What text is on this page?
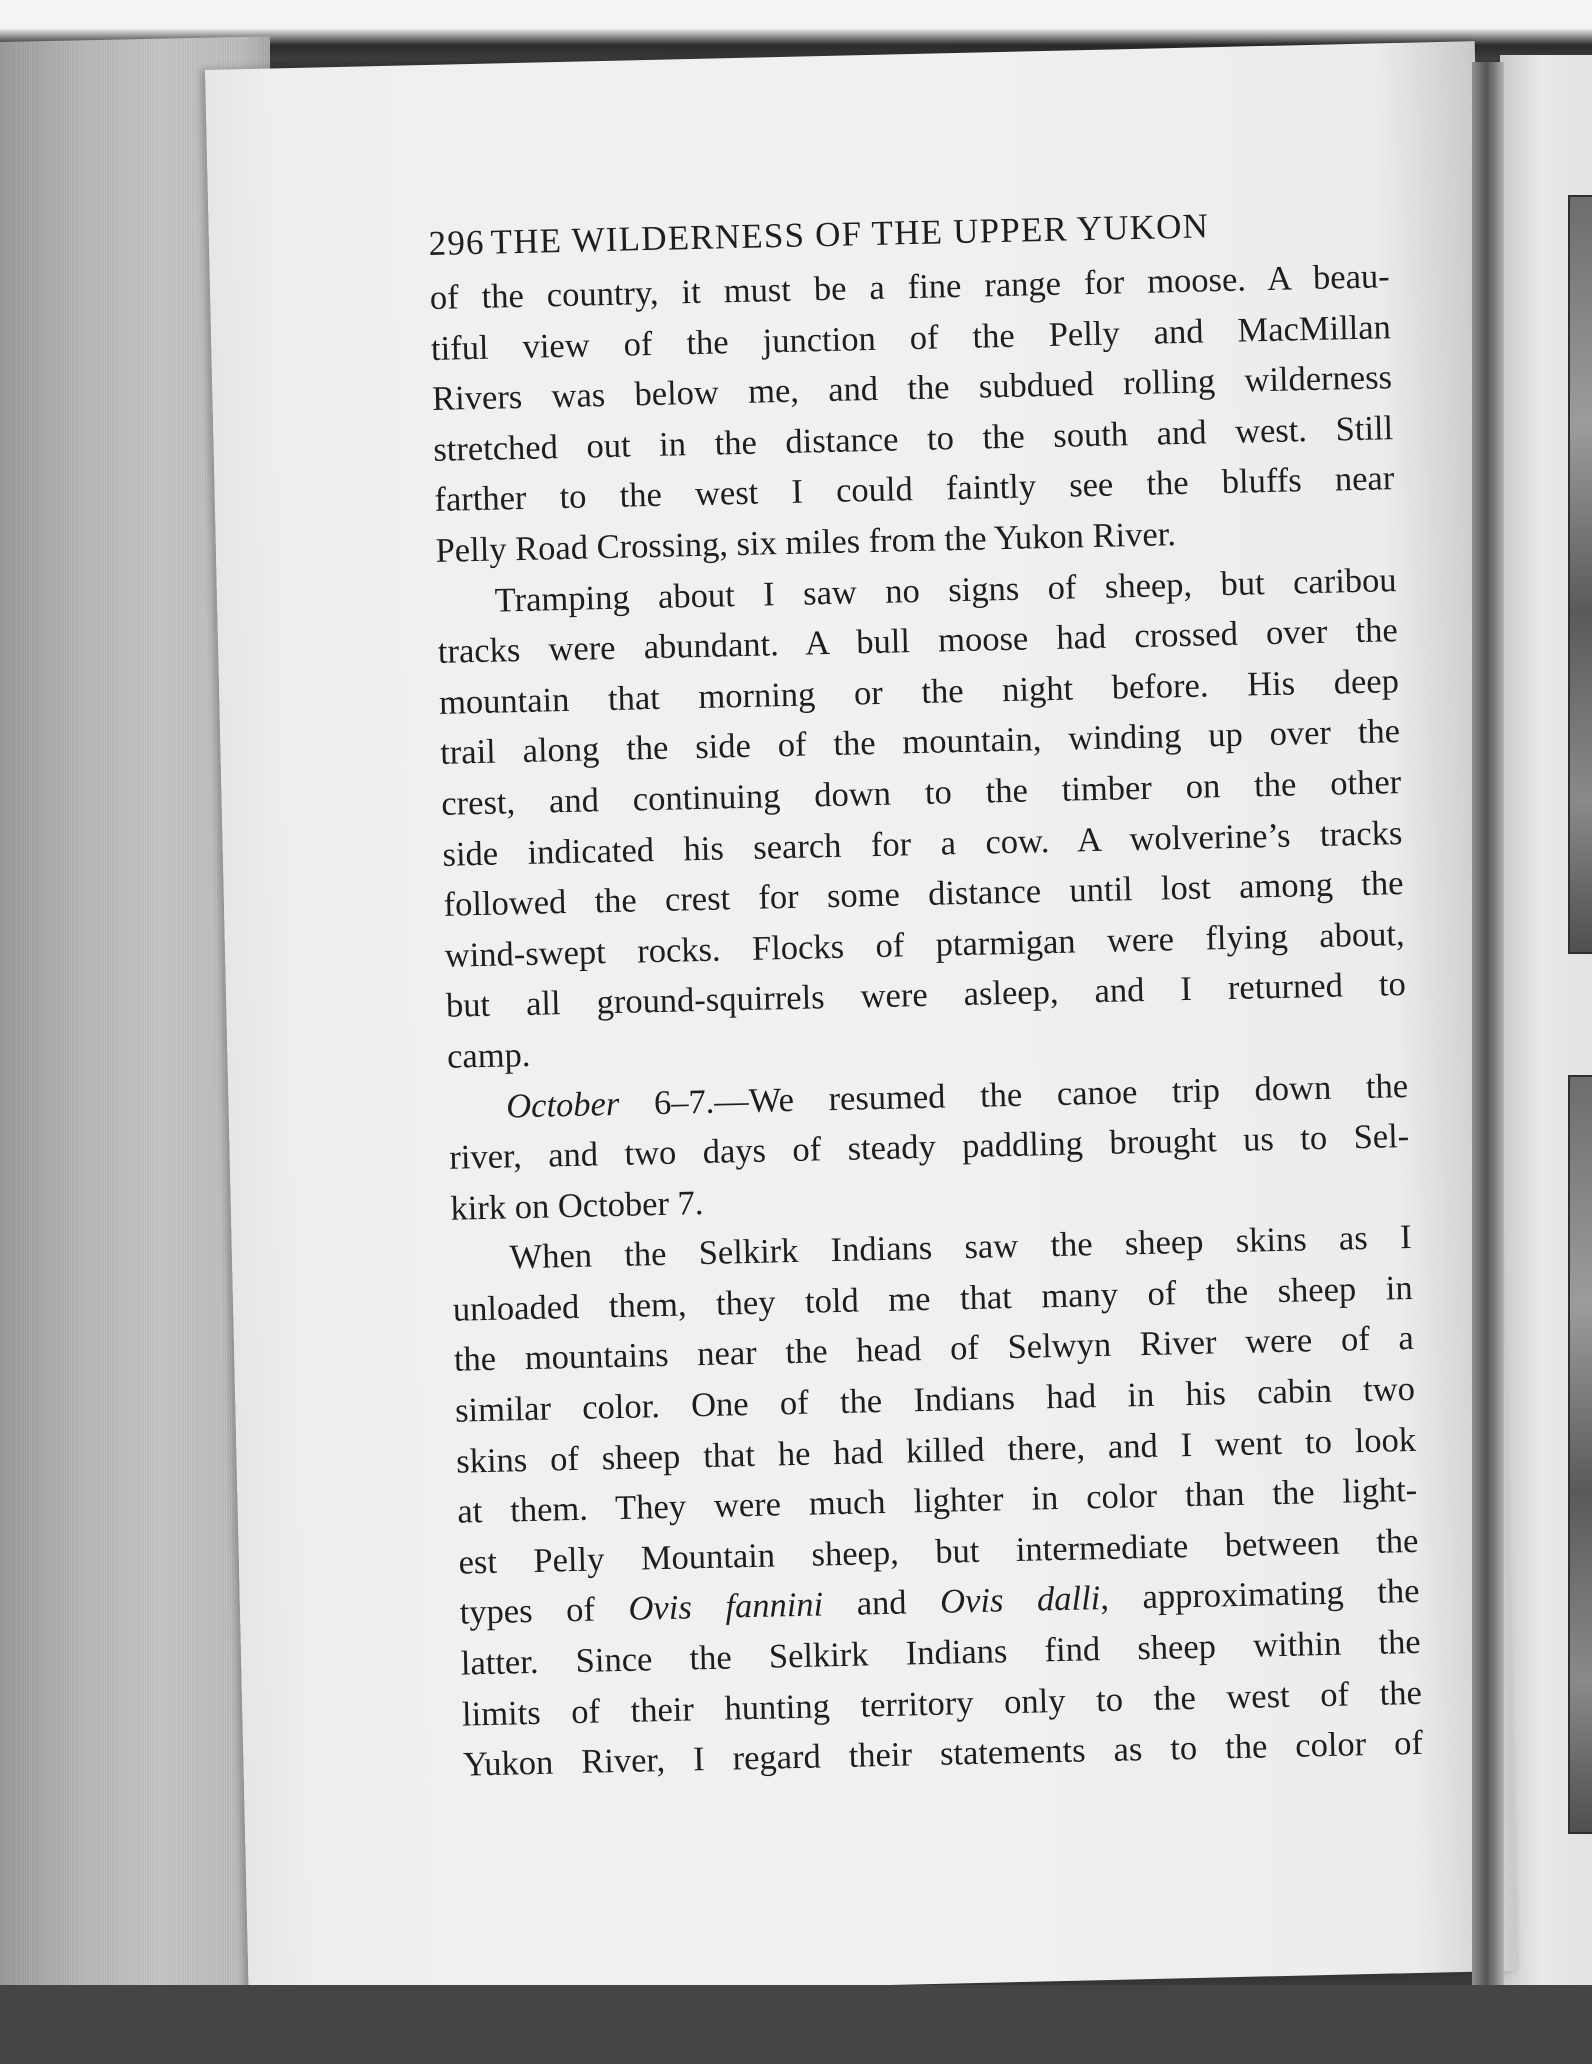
296 THE WILDERNESS OF THE UPPER YUKON
of the country, it must be a fine range for moose. A beau-
tiful view of the junction of the Pelly and MacMillan
Rivers was below me, and the subdued rolling wilderness
stretched out in the distance to the south and west. Still
farther to the west I could faintly see the bluffs near
Pelly Road Crossing, six miles from the Yukon River.
Tramping about I saw no signs of sheep, but caribou
tracks were abundant. A bull moose had crossed over the
mountain that morning or the night before. His deep
trail along the side of the mountain, winding up over the
crest, and continuing down to the timber on the other
side indicated his search for a cow. A wolverine’s tracks
followed the crest for some distance until lost among the
wind-swept rocks. Flocks of ptarmigan were flying about,
but all ground-squirrels were asleep, and I returned to
camp.
October 6–7.—We resumed the canoe trip down the
river, and two days of steady paddling brought us to Sel-
kirk on October 7.
When the Selkirk Indians saw the sheep skins as I
unloaded them, they told me that many of the sheep in
the mountains near the head of Selwyn River were of a
similar color. One of the Indians had in his cabin two
skins of sheep that he had killed there, and I went to look
at them. They were much lighter in color than the light-
est Pelly Mountain sheep, but intermediate between the
types of Ovis fannini and Ovis dalli, approximating the
latter. Since the Selkirk Indians find sheep within the
limits of their hunting territory only to the west of the
Yukon River, I regard their statements as to the color of
